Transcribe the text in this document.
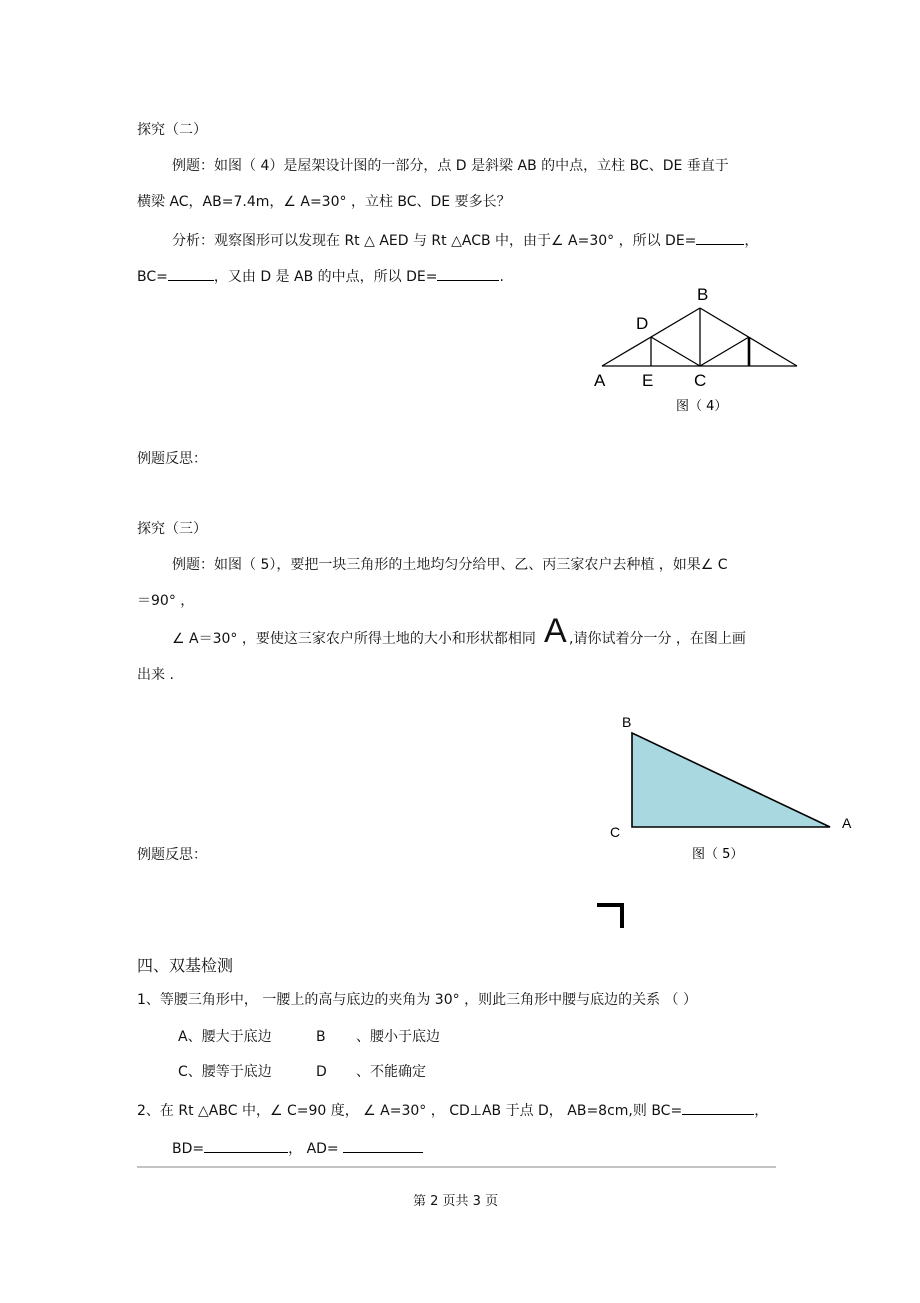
探究（二）
例题：如图（ 4）是屋架设计图的一部分，点 D 是斜梁 AB 的中点，立柱 BC、DE 垂直于
横梁 AC，AB=7.4m，∠ A=30° ，立柱 BC、DE 要多长？
分析：观察图形可以发现在 Rt △ AED 与 Rt △ACB 中，由于∠ A=30° ，所以 DE=	，
BC=	，又由 D 是 AB 的中点，所以 DE=	.
B
D
A E C
图（ 4）
B
C
A
图（ 5）
例题反思：
探究（三）
例题：如图（ 5），要把一块三角形的土地均匀分给甲、乙、丙三家农户去种植 ，如果∠ C
＝90° ，
∠ A＝30° ，要使这三家农户所得土地的大小和形状都相同 A ,请你试着分一分 ，在图上画
出来 .
例题反思：
四、双基检测
1、等腰三角形中， 一腰上的高与底边的夹角为 30° ，则此三角形中腰与底边的关系 （ ）
A、腰大于底边	B 、腰小于底边
C、腰等于底边	D 、不能确定
2、在 Rt △ABC 中，∠ C=90 度， ∠ A=30° ， CD⊥AB 于点 D， AB=8cm,则 BC=	，
BD=	， AD=
第 2 页共 3 页
